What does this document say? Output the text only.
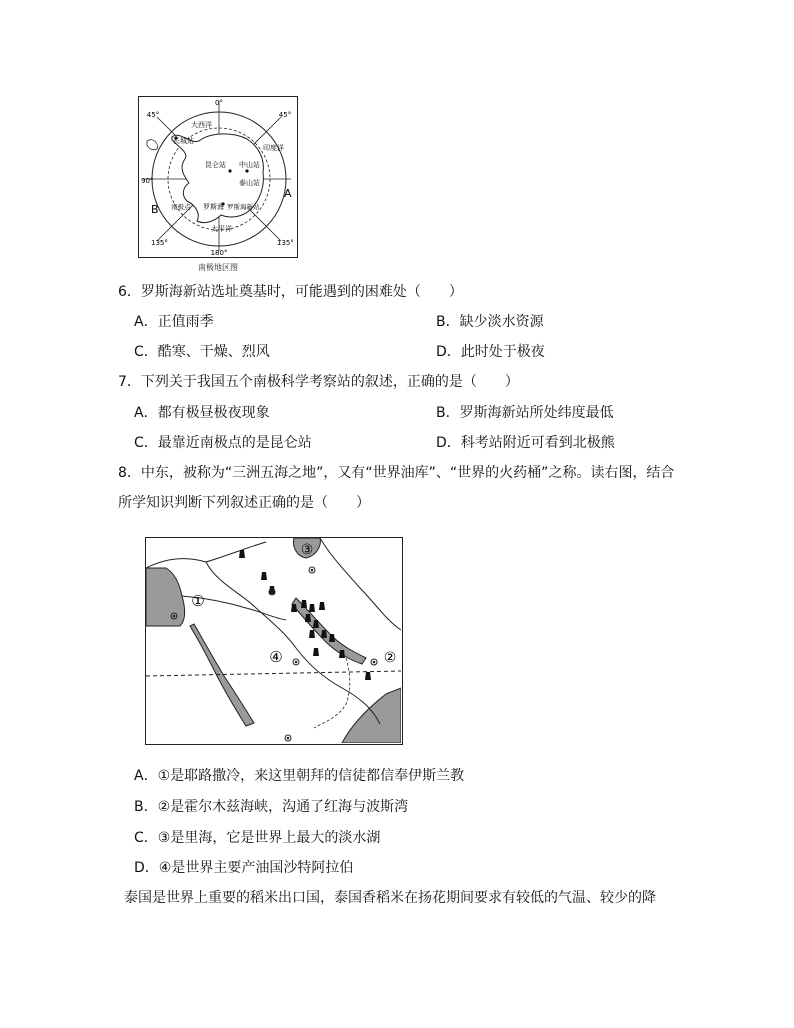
0°
45°
45°
90°
135°	135°
180°
大西洋
印度洋
太平洋
长城站
昆仑站 中山站
泰山站
罗斯海新站
南极点 罗斯海
A
B
南极地区图
6．罗斯海新站选址奠基时，可能遇到的困难处（　　）
A．正值雨季	B．缺少淡水资源
C．酷寒、干燥、烈风	D．此时处于极夜
7．下列关于我国五个南极科学考察站的叙述，正确的是（　　）
A．都有极昼极夜现象	B．罗斯海新站所处纬度最低
C．最靠近南极点的是昆仑站	D．科考站附近可看到北极熊
8．中东，被称为“三洲五海之地”，又有“世界油库”、“世界的火药桶”之称。读右图，结合
所学知识判断下列叙述正确的是（　　）
③
①
④	②
A．①是耶路撒冷，来这里朝拜的信徒都信奉伊斯兰教
B．②是霍尔木兹海峡，沟通了红海与波斯湾
C．③是里海，它是世界上最大的淡水湖
D．④是世界主要产油国沙特阿拉伯
泰国是世界上重要的稻米出口国，泰国香稻米在扬花期间要求有较低的气温、较少的降
